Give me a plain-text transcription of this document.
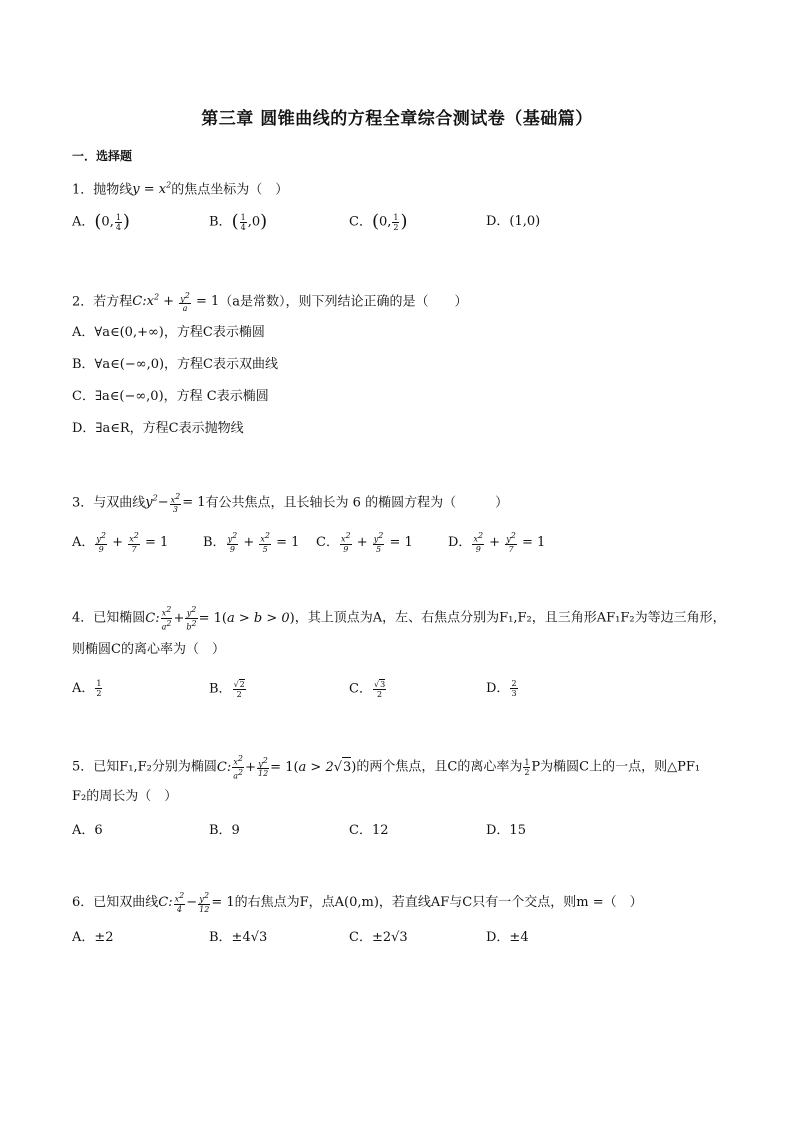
第三章 圆锥曲线的方程全章综合测试卷（基础篇）
一．选择题
1．抛物线$y = x^2$的焦点坐标为（　）
A．(0, $\frac{1}{4}$ )	B．( $\frac{1}{4} ,0$)	C．(0, $\frac{1}{2}$ )	D．(1,0)
2．若方程$C:x^2 + \frac{y^2}{a} = 1(a$是常数），则下列结论正确的是（　　）
A．∀a∈(0,+∞)，方程C表示椭圆
B．∀a∈(−∞,0)，方程C表示双曲线
C．∃a∈(−∞,0)，方程 C表示椭圆
D．∃a∈R，方程C表示抛物线
3．与双曲线$y^2- \frac{x^2}{3} = 1$有公共焦点，且长轴长为 6 的椭圆方程为（　　　）
A． $\frac{y^2}{9} + \frac{x^2}{7} = 1$	B． $\frac{y^2}{9} + \frac{x^2}{5} = 1$ C． $\frac{x^2}{9} + \frac{y^2}{5} = 1$	D． $\frac{x^2}{9} + \frac{y^2}{7} = 1$
4．已知椭圆C: $\frac{x^2}{a^2} + \frac{y^2}{b^2} = 1(a > b > 0)$，其上顶点为A，左、右焦点分别为F₁,F₂，且三角形AF₁F₂为等边三角形，
则椭圆C的离心率为（　）
A． $\frac{1}{2}$	B． $\frac{√2}{2}$	C． $\frac{√3}{2}$	D． $\frac{2}{3}$
5．已知F₁,F₂分别为椭圆C: $\frac{x^2}{a^2} + \frac{y^2}{12} = 1(a > 2√3)$的两个焦点，且C的离心率为 $\frac{1}{2}$ P为椭圆C上的一点，则△PF₁
F₂的周长为（　）
A．6	B．9	C．12	D．15
6．已知双曲线C: $\frac{x^2}{4} - \frac{y^2}{12} = 1$的右焦点为F，点A(0,m)，若直线AF与C只有一个交点，则m =（　）
A．±2	B．±4√3	C．±2√3	D．±4
